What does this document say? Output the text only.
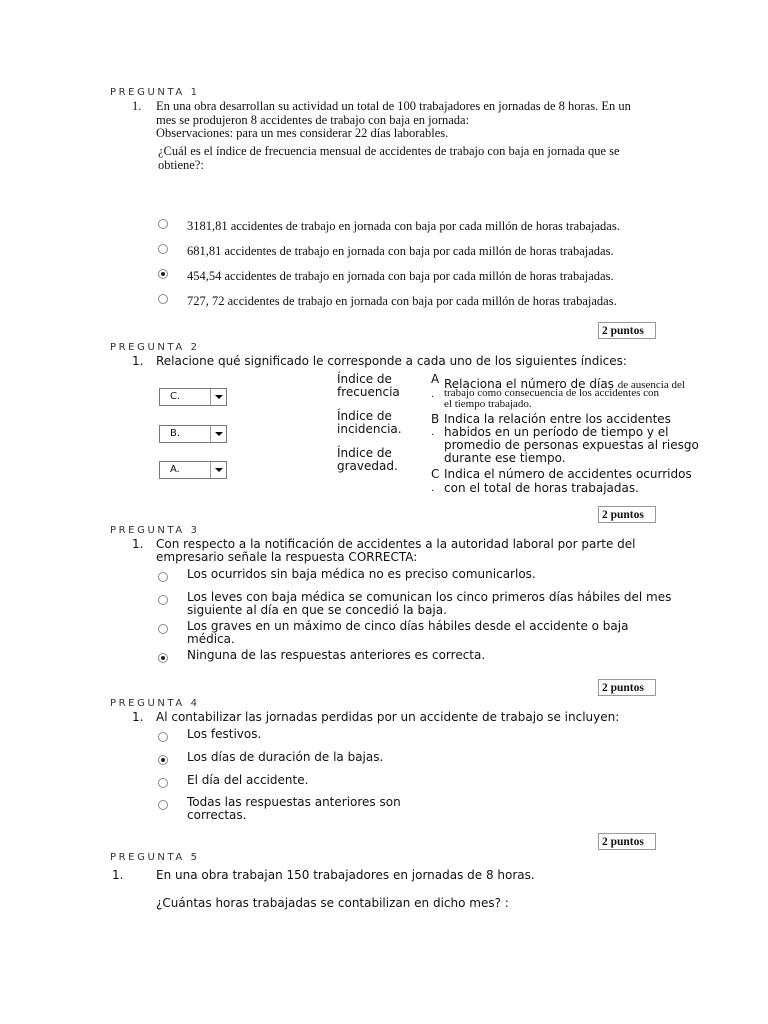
PREGUNTA 1
1. En una obra desarrollan su actividad un total de 100 trabajadores en jornadas de 8 horas. En un
mes se produjeron 8 accidentes de trabajo con baja en jornada:
Observaciones: para un mes considerar 22 días laborables.
¿Cuál es el índice de frecuencia mensual de accidentes de trabajo con baja en jornada que se
obtiene?:
3181,81 accidentes de trabajo en jornada con baja por cada millón de horas trabajadas.
681,81 accidentes de trabajo en jornada con baja por cada millón de horas trabajadas.
454,54 accidentes de trabajo en jornada con baja por cada millón de horas trabajadas.
727, 72 accidentes de trabajo en jornada con baja por cada millón de horas trabajadas.
2 puntos
PREGUNTA 2
1. Relacione qué significado le corresponde a cada uno de los siguientes índices:
C.
B.
A.
Índice de
frecuencia
Índice de
incidencia.
Índice de
gravedad.
A
.
Relaciona el número de días de ausencia del
trabajo como consecuencia de los accidentes con
el tiempo trabajado.
B
.
Indica la relación entre los accidentes
habidos en un período de tiempo y el
promedio de personas expuestas al riesgo
durante ese tiempo.
C
.
Indica el número de accidentes ocurridos
con el total de horas trabajadas.
2 puntos
PREGUNTA 3
1. Con respecto a la notificación de accidentes a la autoridad laboral por parte del
empresario señale la respuesta CORRECTA:
Los ocurridos sin baja médica no es preciso comunicarlos.
Los leves con baja médica se comunican los cinco primeros días hábiles del mes
siguiente al día en que se concedió la baja.
Los graves en un máximo de cinco días hábiles desde el accidente o baja
médica.
Ninguna de las respuestas anteriores es correcta.
2 puntos
PREGUNTA 4
1. Al contabilizar las jornadas perdidas por un accidente de trabajo se incluyen:
Los festivos.
Los días de duración de la bajas.
El día del accidente.
Todas las respuestas anteriores son
correctas.
2 puntos
PREGUNTA 5
1.	En una obra trabajan 150 trabajadores en jornadas de 8 horas.
¿Cuántas horas trabajadas se contabilizan en dicho mes? :
